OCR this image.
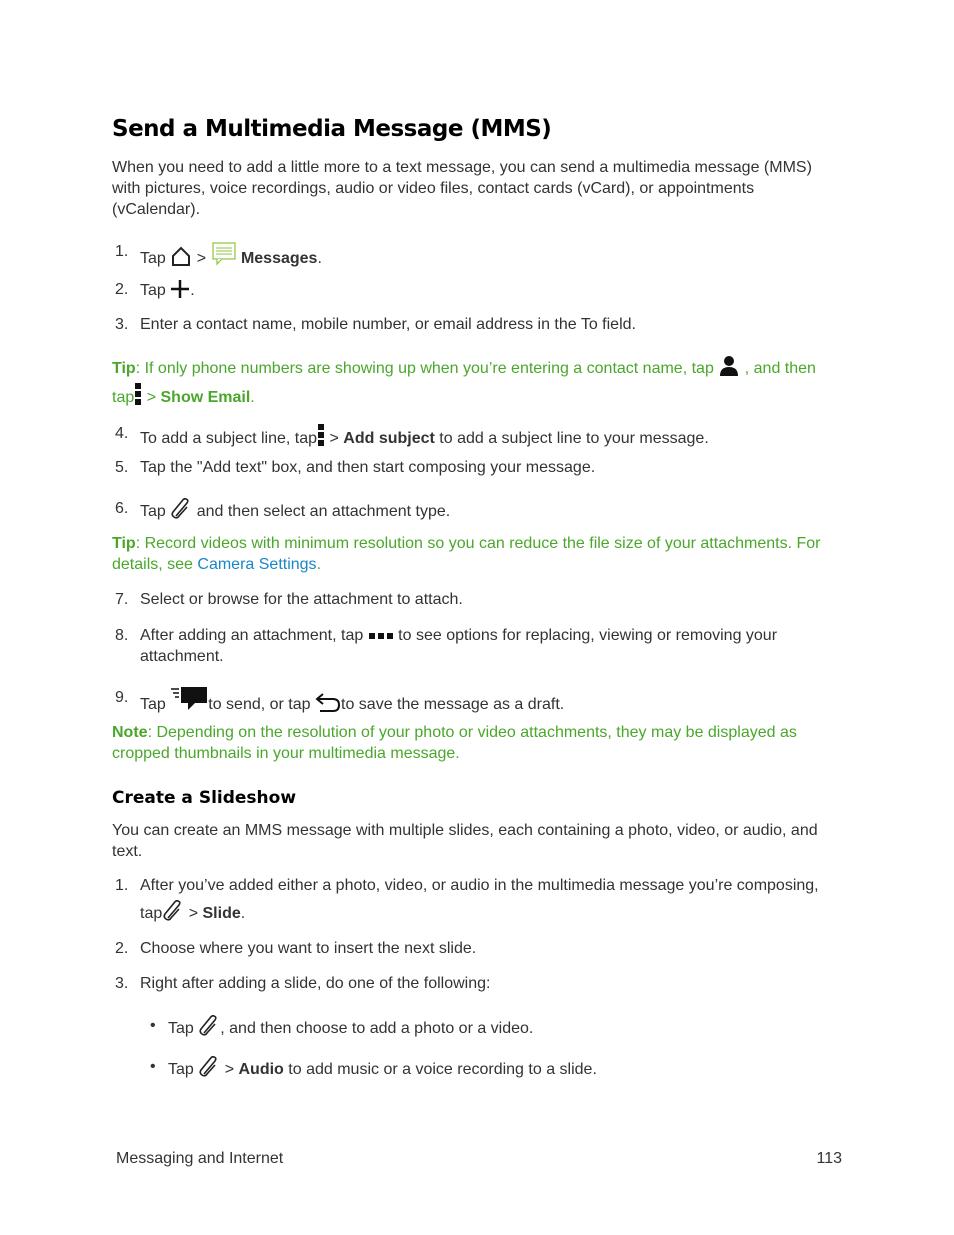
Send a Multimedia Message (MMS)
When you need to add a little more to a text message, you can send a multimedia message (MMS) with pictures, voice recordings, audio or video files, contact cards (vCard), or appointments (vCalendar).
1. Tap > Messages.
2. Tap .
3. Enter a contact name, mobile number, or email address in the To field.
Tip: If only phone numbers are showing up when you’re entering a contact name, tap , and then
tap > Show Email.
4. To add a subject line, tap > Add subject to add a subject line to your message.
5. Tap the "Add text" box, and then start composing your message.
6. Tap and then select an attachment type.
Tip: Record videos with minimum resolution so you can reduce the file size of your attachments. For details, see Camera Settings.
7. Select or browse for the attachment to attach.
8. After adding an attachment, tap to see options for replacing, viewing or removing your attachment.
9. Tap	to send, or tap to save the message as a draft.
Note: Depending on the resolution of your photo or video attachments, they may be displayed as cropped thumbnails in your multimedia message.
Create a Slideshow
You can create an MMS message with multiple slides, each containing a photo, video, or audio, and text.
1. After you’ve added either a photo, video, or audio in the multimedia message you’re composing,
tap > Slide.
2. Choose where you want to insert the next slide.
3. Right after adding a slide, do one of the following:
• Tap , and then choose to add a photo or a video.
• Tap > Audio to add music or a voice recording to a slide.
Messaging and Internet	113
